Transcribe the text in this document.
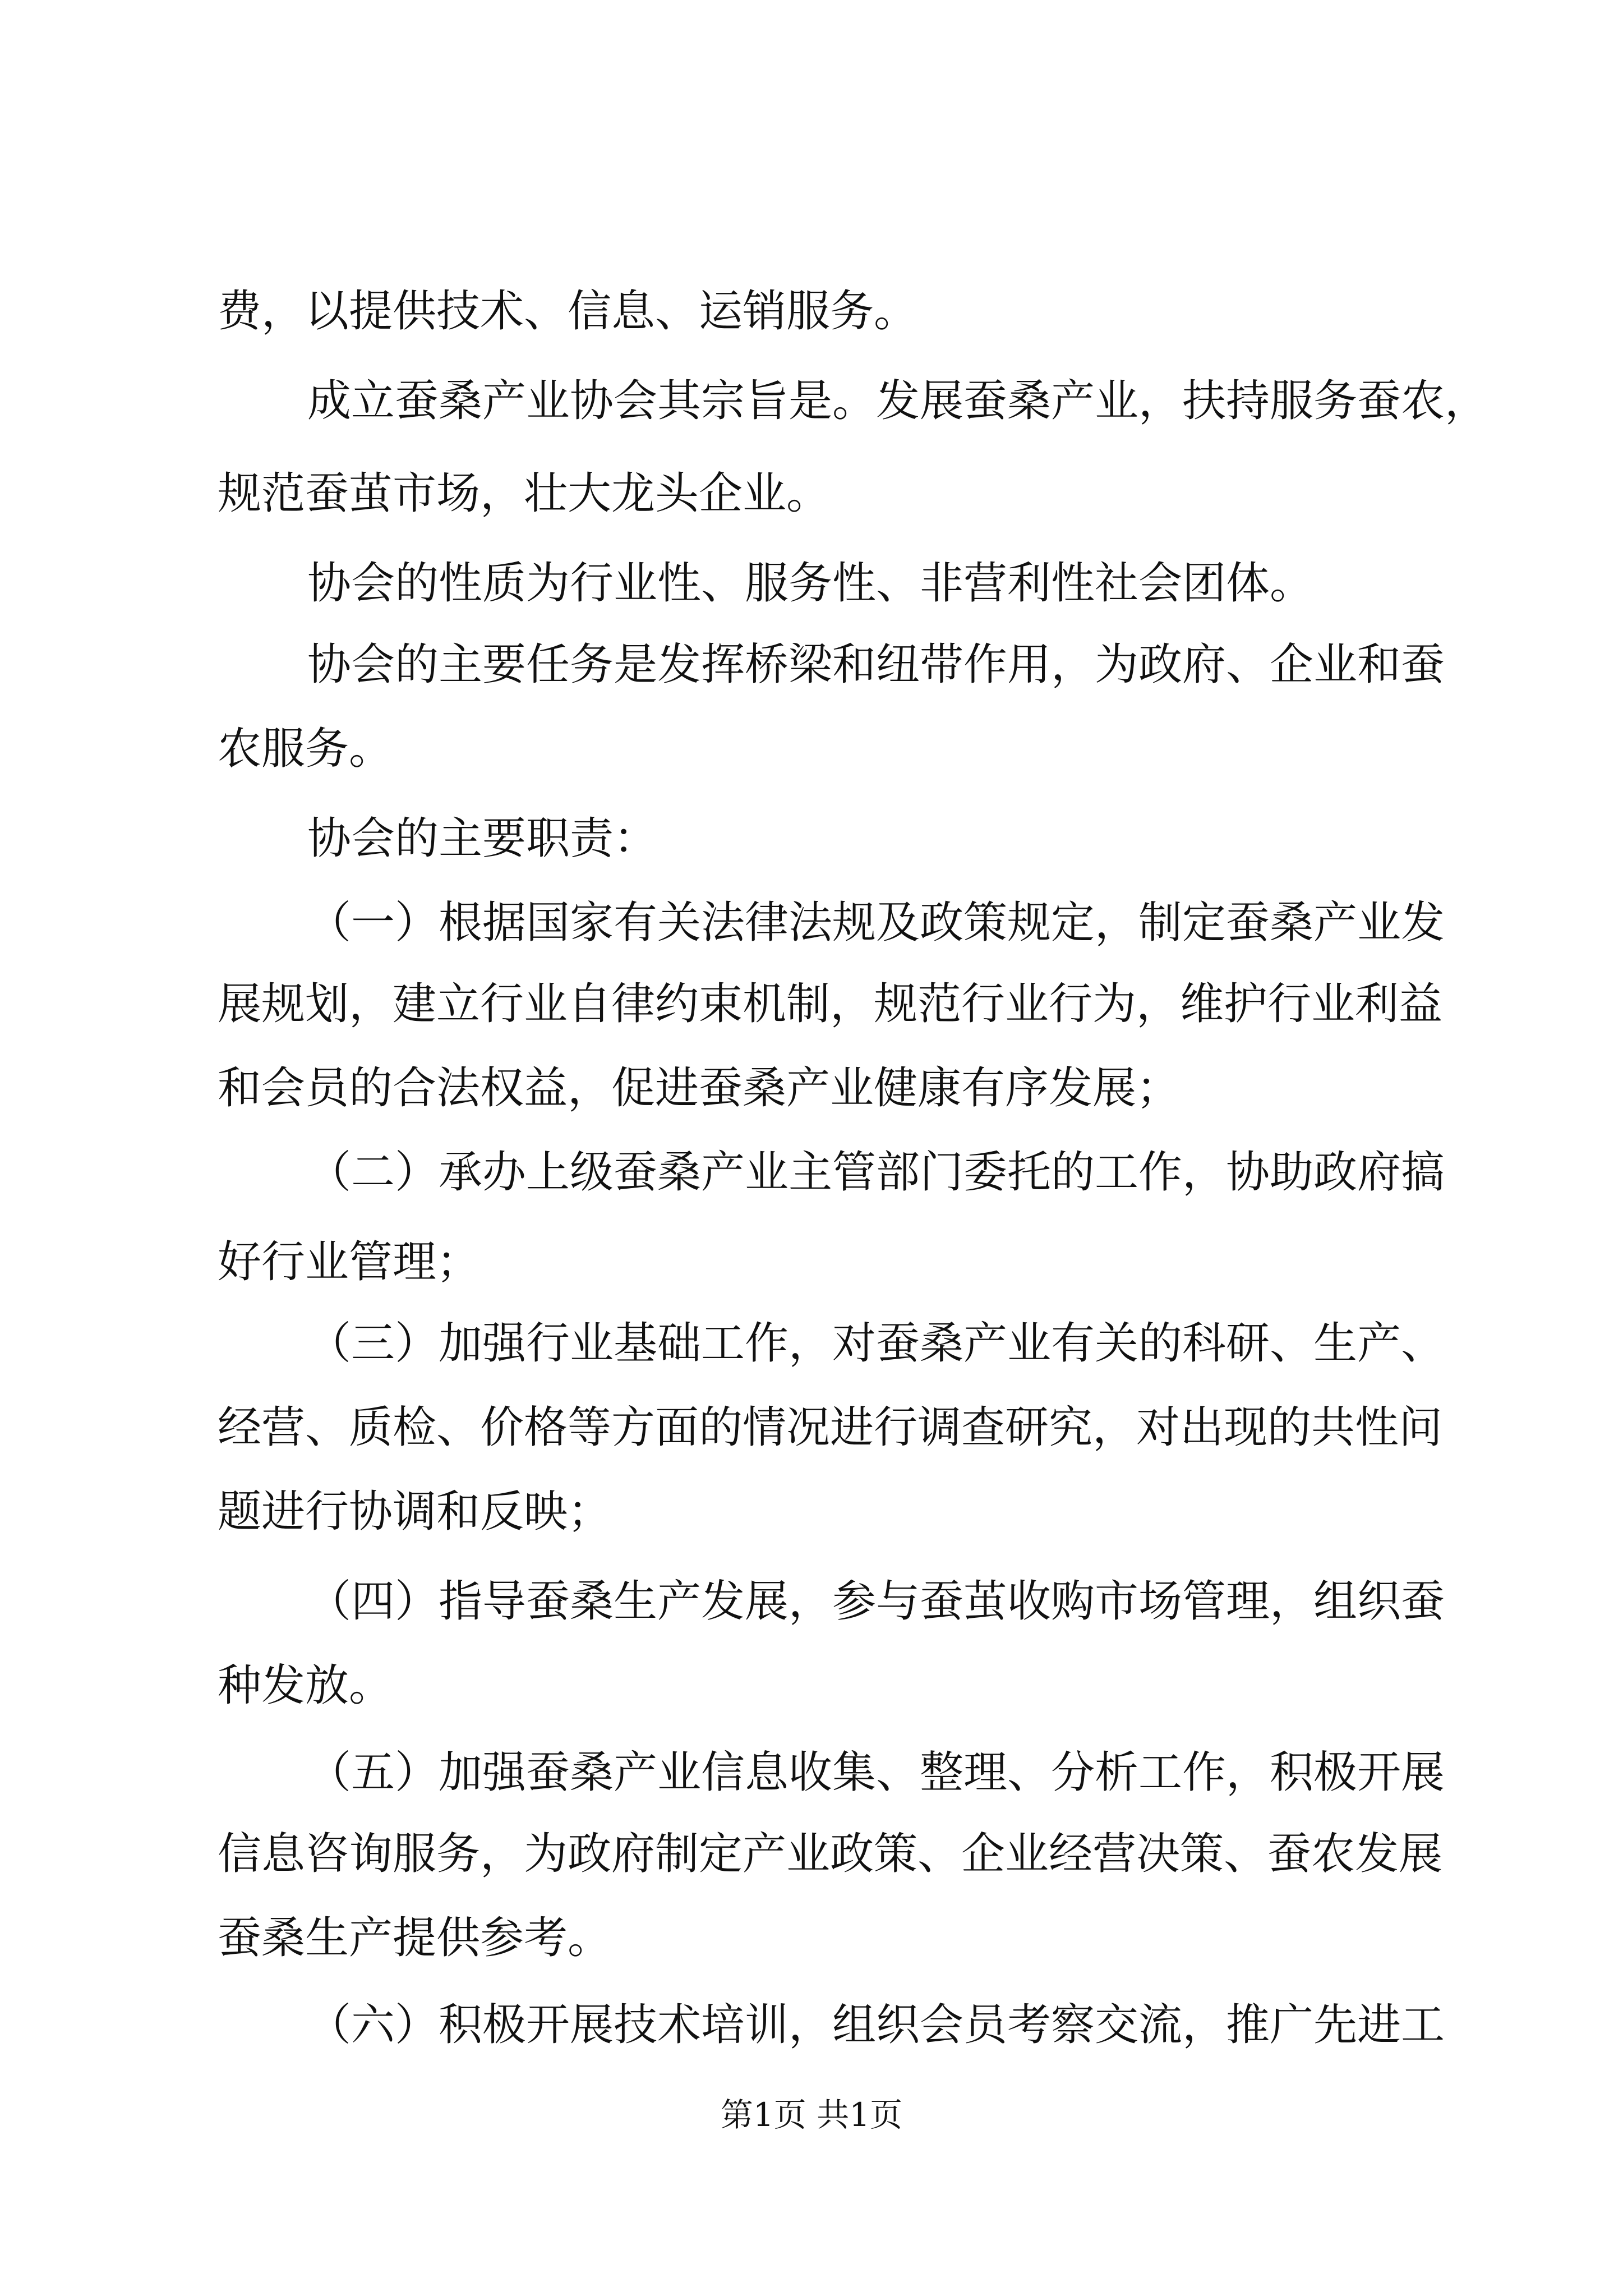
费，以提供技术、信息、运销服务。
成立蚕桑产业协会其宗旨是。发展蚕桑产业，扶持服务蚕农，
规范蚕茧市场，壮大龙头企业。
协会的性质为行业性、服务性、非营利性社会团体。
协会的主要任务是发挥桥梁和纽带作用，为政府、企业和蚕
农服务。
协会的主要职责：
（一）根据国家有关法律法规及政策规定，制定蚕桑产业发
展规划，建立行业自律约束机制，规范行业行为，维护行业利益
和会员的合法权益，促进蚕桑产业健康有序发展；
（二）承办上级蚕桑产业主管部门委托的工作，协助政府搞
好行业管理；
（三）加强行业基础工作，对蚕桑产业有关的科研、生产、
经营、质检、价格等方面的情况进行调查研究，对出现的共性问
题进行协调和反映；
（四）指导蚕桑生产发展，参与蚕茧收购市场管理，组织蚕
种发放。
（五）加强蚕桑产业信息收集、整理、分析工作，积极开展
信息咨询服务，为政府制定产业政策、企业经营决策、蚕农发展
蚕桑生产提供参考。
（六）积极开展技术培训，组织会员考察交流，推广先进工
第1页 共1页
